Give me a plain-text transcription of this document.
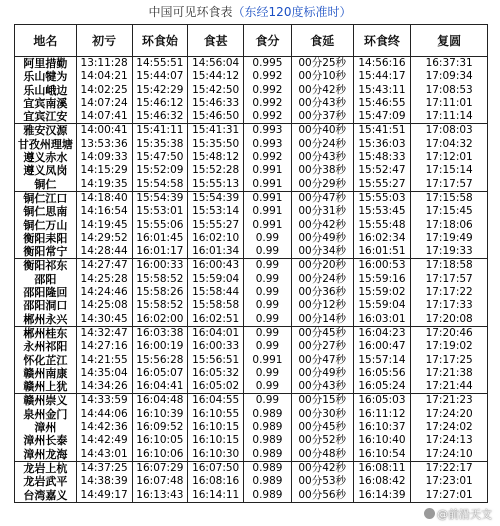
中国可见环食表（东经120度标准时）
地名	初亏	环食始	食甚	食分	食延	环食终	复圆
阿里措勤	13:11:28 14:55:51 14:56:04	0.995	00分25秒	14:56:16	16:37:31
乐山犍为	14:04:21 15:44:07 15:44:12	0.992	00分10秒	15:44:17	17:09:34
乐山峨边	14:02:25 15:42:29 15:42:50	0.992	00分42秒	15:43:11	17:08:53
宜宾南溪	14:07:24 15:46:12 15:46:33	0.992	00分43秒	15:46:55	17:11:01
宜宾江安	14:07:41 15:46:32 15:46:50	0.992	00分37秒	15:47:09	17:11:14
雅安汉源	14:00:41 15:41:11 15:41:31	0.993	00分40秒	15:41:51	17:08:03
甘孜州理塘 13:53:36 15:35:38 15:35:50	0.993	00分24秒	15:36:03	17:04:32
遵义赤水	14:09:33 15:47:50 15:48:12	0.992	00分43秒	15:48:33	17:12:01
遵义凤岗	14:15:29 15:52:09 15:52:28	0.991	00分38秒	15:52:47	17:15:14
铜仁	14:19:35 15:54:58 15:55:13	0.991	00分29秒	15:55:27	17:17:57
铜仁江口	14:18:40 15:54:39 15:54:39	0.991	00分47秒	15:55:03	17:15:58
铜仁思南	14:16:54 15:53:01 15:53:14	0.991	00分31秒	15:53:45	17:15:45
铜仁万山	14:19:45 15:55:06 15:55:27	0.991	00分42秒	15:55:48	17:18:06
衡阳耒阳	14:29:52 16:01:45 16:02:10	0.99	00分49秒	16:02:34	17:19:49
衡阳常宁	14:28:44 16:01:17 16:01:34	0.99	00分34秒	16:01:51	17:19:33
衡阳祁东	14:27:47 16:00:33 16:00:43	0.99	00分20秒	16:00:53	17:18:58
邵阳	14:25:28 15:58:52 15:59:04	0.99	00分24秒	15:59:16	17:17:57
邵阳隆回	14:24:46 15:58:26 15:58:44	0.99	00分36秒	15:59:02	17:17:22
邵阳洞口	14:25:08 15:58:52 15:58:58	0.99	00分12秒	15:59:04	17:17:33
郴州永兴	14:30:45 16:02:00 16:02:51	0.99	00分14秒	16:03:01	17:20:08
郴州桂东	14:32:47 16:03:38 16:04:01	0.99	00分45秒	16:04:23	17:20:46
永州祁阳	14:27:16 16:00:19 16:00:33	0.99	00分27秒	16:00:47	17:19:02
怀化芷江	14:21:55 15:56:28 15:56:51	0.991	00分47秒	15:57:14	17:17:25
赣州南康	14:35:04 16:05:07 16:05:32	0.99	00分49秒	16:05:56	17:21:38
赣州上犹	14:34:26 16:04:41 16:05:02	0.99	00分43秒	16:05:24	17:21:44
赣州崇义	14:33:59 16:04:48 16:04:55	0.99	00分15秒	16:05:03	17:21:23
泉州金门	14:44:06 16:10:39 16:10:55	0.989	00分30秒	16:11:12	17:24:20
漳州	14:42:36 16:09:52 16:10:15	0.989	00分45秒	16:10:37	17:24:02
漳州长泰	14:42:49 16:10:05 16:10:15	0.989	00分52秒	16:10:40	17:24:13
漳州龙海	14:43:01 16:10:06 16:10:30	0.989	00分48秒	16:10:54	17:24:10
龙岩上杭	14:37:25 16:07:29 16:07:50	0.989	00分42秒	16:08:11	17:22:17
龙岩武平	14:38:39 16:07:48 16:08:16	0.989	00分53秒	16:08:42	17:23:01
台湾嘉义	14:49:17 16:13:43 16:14:11	0.989	00分56秒	16:14:39	17:27:01
@前沿天文
